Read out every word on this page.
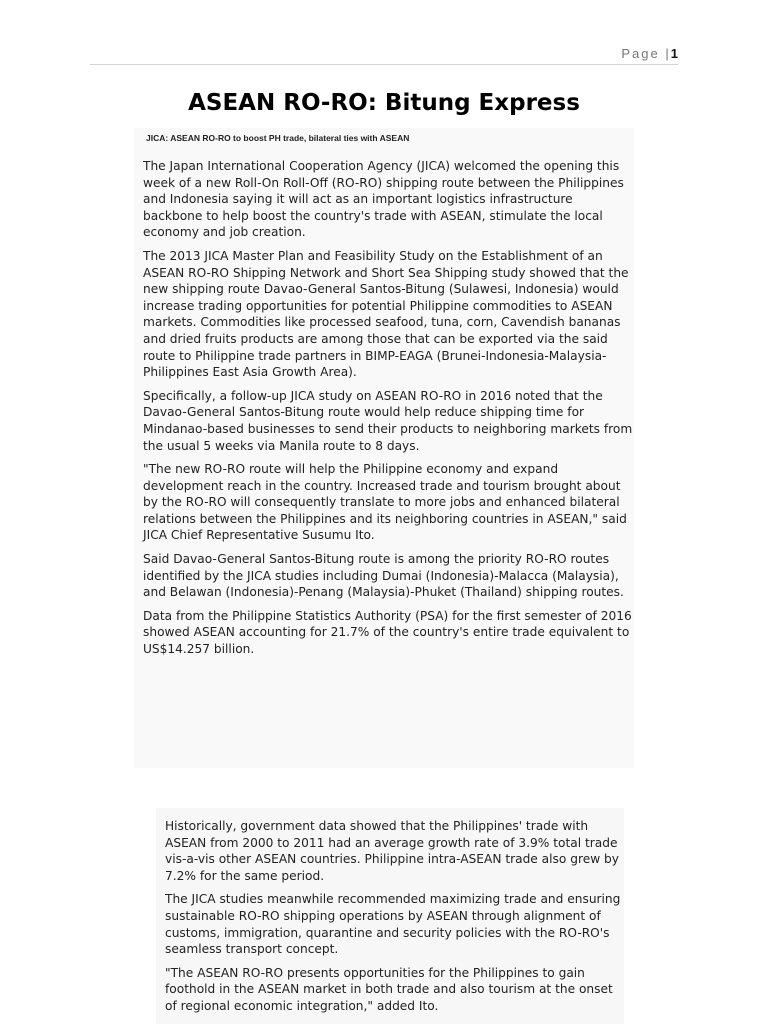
Page |1
ASEAN RO-RO: Bitung Express

JICA: ASEAN RO-RO to boost PH trade, bilateral ties with ASEAN

The Japan International Cooperation Agency (JICA) welcomed the opening this week of a new Roll-On Roll-Off (RO-RO) shipping route between the Philippines and Indonesia saying it will act as an important logistics infrastructure backbone to help boost the country's trade with ASEAN, stimulate the local economy and job creation.

The 2013 JICA Master Plan and Feasibility Study on the Establishment of an ASEAN RO-RO Shipping Network and Short Sea Shipping study showed that the new shipping route Davao-General Santos-Bitung (Sulawesi, Indonesia) would increase trading opportunities for potential Philippine commodities to ASEAN markets. Commodities like processed seafood, tuna, corn, Cavendish bananas and dried fruits products are among those that can be exported via the said route to Philippine trade partners in BIMP-EAGA (Brunei-Indonesia-Malaysia-Philippines East Asia Growth Area).

Specifically, a follow-up JICA study on ASEAN RO-RO in 2016 noted that the Davao-General Santos-Bitung route would help reduce shipping time for Mindanao-based businesses to send their products to neighboring markets from the usual 5 weeks via Manila route to 8 days.

"The new RO-RO route will help the Philippine economy and expand development reach in the country. Increased trade and tourism brought about by the RO-RO will consequently translate to more jobs and enhanced bilateral relations between the Philippines and its neighboring countries in ASEAN," said JICA Chief Representative Susumu Ito.

Said Davao-General Santos-Bitung route is among the priority RO-RO routes identified by the JICA studies including Dumai (Indonesia)-Malacca (Malaysia), and Belawan (Indonesia)-Penang (Malaysia)-Phuket (Thailand) shipping routes.

Data from the Philippine Statistics Authority (PSA) for the first semester of 2016 showed ASEAN accounting for 21.7% of the country's entire trade equivalent to US$14.257 billion.

Historically, government data showed that the Philippines' trade with ASEAN from 2000 to 2011 had an average growth rate of 3.9% total trade vis-a-vis other ASEAN countries. Philippine intra-ASEAN trade also grew by 7.2% for the same period.

The JICA studies meanwhile recommended maximizing trade and ensuring sustainable RO-RO shipping operations by ASEAN through alignment of customs, immigration, quarantine and security policies with the RO-RO's seamless transport concept.

"The ASEAN RO-RO presents opportunities for the Philippines to gain foothold in the ASEAN market in both trade and also tourism at the onset of regional economic integration," added Ito.
